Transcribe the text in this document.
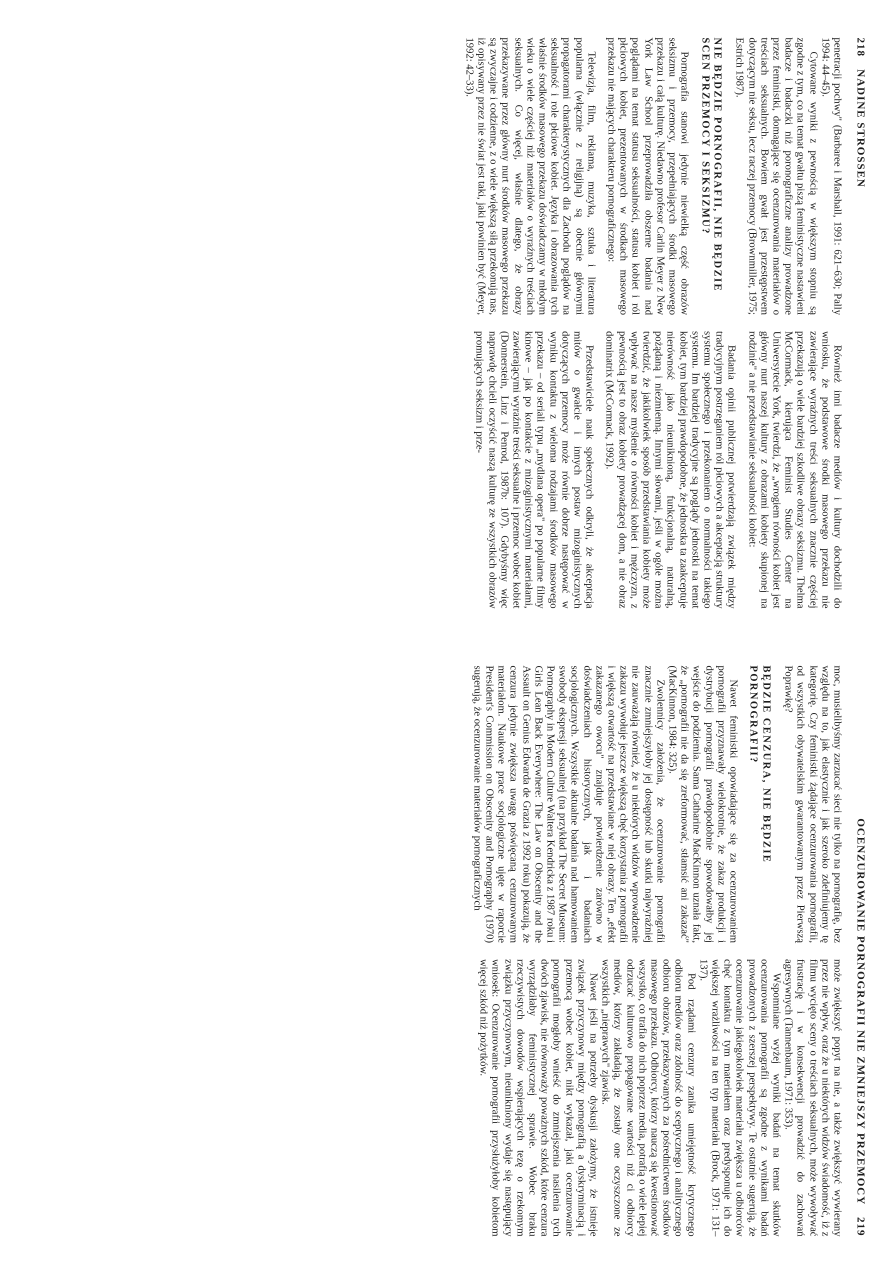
218 NADINE STROSSEN

penetracji pochwy" (Barbaree i Marshall, 1991: 621–630; Pally 1994: 44–45).

Cytowane wyniki z pewnością w większym stopniu są zgodne z tym, co na temat gwałtu piszą feministyczne nastawieni badacze i badaczki niż poronograficzne analizy prowadzone przez feministki, domagające się ocenzurowania materiałów o treściach seksualnych. Bowiem gwałt jest przestępstwem dotyczącym nie seksu, lecz raczej przemocy (Brownmiller, 1975; Estrich 1987).

NIE BĘDZIE PORNOGRAFII, NIE BĘDZIE SCEN PRZEMOCY I SEKSIZMU?

Pornografia stanowi jedynie niewielką część obrazów seksizmu i przemocy, przepełniających środki masowego przekazu i całą kulturę. Niedawno profesor Carlin Meyer z New York Law School przeprowadziła obszerne badania nad poglądami na temat statusu seksualności, statusu kobiet i ról płciowych kobiet, prezentowanych w środkach masowego przekazu nie mających charakteru pornograficznego:

Telewizja, film, reklama, muzyka, sztuka i literatura popularna (włącznie z religijną) są obecnie głównymi propagatorami charakterystycznych dla Zachodu poglądów na seksualność i role płciowe kobiet. Języka i obrazowania tych właśnie środków masowego przekazu doświadczamy w młodym wieku o wiele częściej niż materiałów o wyraźnych treściach seksualnych. Co więcej, właśnie dlatego, że obrazy przekazywane przez główny nurt środków masowego przekazu są zwyczajne i codzienne, z o wiele większą siłą przekonują nas, iż opisywany przez nie świat jest taki, jaki powinien być (Meyer, 1992: 42–33).

Również inni badacze mediów i kultury dochodzili do wniosku, że podstawowe środki masowego przekazu nie zawierające wyraźnych treści seksualnych znacznie częściej przekazują o wiele bardziej szkodliwe obrazy seksizmu. Thelma McCormack, kierująca Feminist Studies Center na Uniwersytecie York, twierdzi, że „wrogiem równości kobiet jest główny nurt naszej kultury z obrazami kobiety skupionej na rodzinie" a nie przedstawianie seksualności kobiet:

Badania opinii publicznej potwierdzają związek między tradycyjnym postrzeganiem ról płciowych a akceptacją struktury systemu społecznego i przekonaniem o normalności takiego systemu. Im bardziej tradycyjne są poglądy jednostki na temat kobiet, tym bardziej prawdopodobne, że jednostka ta zaakceptuje nierówność jako nieuniknioną, funkcjonalną, naturalną, pożądaną i niezmienną. Innymi słowami, jeśli w ogóle można twierdzić, że jakikolwiek sposób przedstawiania kobiety może wpływać na nasze myślenie o równości kobiet i mężczyzn, z pewnością jest to obraz kobiety prowadzącej dom, a nie obraz dominatrix (McCormack, 1992).

Przedstawiciele nauk społecznych odkryli, że akceptacja mitów o gwałcie i innych postaw mizoginistycznych dotyczących przemocy może równie dobrze następować w wyniku kontaktu z wieloma rodzajami środków masowego przekazu – od seriali typu „mydlana opera" po popularne filmy kinowe – jak po kontakcie z mizoginistycznymi materiałami, zawierającymi wyraźnie treści seksualne i przemoc wobec kobiet (Donnerstein, Linz i Penrod, 1987b: 107). Gdybyśmy więc naprawdę chcieli oczyścić naszą kulturę ze wszystkich obrazów promujących seksizm i prze-

OCENZUROWANIE PORNOGRAFII NIE ZMNIEJSZY PRZEMOCY 219

moc, musielibyśmy zarzucać sieci nie tylko na pornografię, bez względu na to, jak elastycznie i jak szeroko zdefiniujemy tę kategorię. Czy feministki żądające ocenzurowania pornografii, od wszystkich obywatelskim gwarantowanym przez Pierwszą Poprawkę?

BĘDZIE CENZURA, NIE BĘDZIE PORNOGRAFII?

Nawet feministki opowiadające się za ocenzurowaniem pornografii przyznawały wielokrotnie, że zakaz produkcji i dystrybucji pornografii prawdopodobnie spowodowałby jej wejście do podziemia. Sama Catharine MacKinnon uznała fakt, że „pornografii nie da się zreformować, stłamsić ani zakazać" (MacKinnon, 1984: 325).

Zwolennicy założenia, że ocenzurowanie pornografii znacznie zmniejszyłoby jej dostępność lub skutki najwyraźniej nie zauważają również, że u niektórych widzów wprowadzenie zakazu wywołuje jeszcze większą chęć korzystania z pornografii i większą otwartość na przedstawiane w niej obrazy. Ten „efekt zakazanego owocu" znajduje potwierdzenie zarówno w doświadczeniach historycznych, jak i badaniach socjologicznych. Wszystkie aktualne badania nad hamowaniem swobody ekspresji seksualnej (na przykład The Secret Museum: Pornography in Modern Culture Waltera Kendricka z 1987 roku i Girls Lean Back Everywhere: The Law on Obscenity and the Assault on Genius Edwarda de Grazia z 1992 roku) pokazują, że cenzura jedynie zwiększa uwagę poświęcaną cenzurowanym materiałom. Naukowe prace socjologiczne ujęte w raporcie President's Commission on Obscenity and Pornography (1970) sugerują, że ocenzurowanie materiałów pornograficznych

może zwiększyć popyt na nie, a także zwiększyć wywierany przez nie wpływ, oraz że u niektórych widzów świadomość, iż z filmu wycięto sceny o treściach seksualnych, może wywoływać frustrację i w konsekwencji prowadzić do zachowań agresywnych (Tannenbaum, 1971: 353).

Wspomniane wyżej wyniki badań na temat skutków ocenzurowania pornografii są zgodne z wynikami badań prowadzonych z szerszej perspektywy. Te ostatnie sugerują, że ocenzurowanie jakiegokolwiek materiału zwiększa u odbiorców chęć kontaktu z tym materiałem oraz predysponuje ich do większej wrażliwości na ten typ materiału (Brock, 1971: 131–137).

Pod rządami cenzury zanika umiejętność krytycznego odbioru mediów oraz zdolność do sceptycznego i analitycznego odbioru obrazów, przekazywanych za pośrednictwem środków masowego przekazu. Odbiorcy, którzy nauczą się kwestionować wszystko, co trafia do nich poprzez media, potrafią o wiele lepiej odrzucać kulturowo propagowane wartości niż ci odbiorcy mediów, którzy zakładają, że zostały one oczyszczone ze wszystkich „nieprawych" zjawisk.

Nawet jeśli na potrzeby dyskusji założymy, że istnieje związek przyczynowy między pornografią a dyskryminacją i przemocą wobec kobiet, nikt wykazał, jaki ocenzurowanie pornografii mogłoby wnieść do zmniejszenia nasilenia tych dwóch zjawisk, nie równoważy poważnych szkód, które cenzura wyrządziłaby feministycznej sprawie. Wobec braku rzeczywistych dowodów wspierających tezę o rzekomym związku przyczynowym, nieunikniony wydaje się następujący wniosek: Ocenzurowanie pornografii przysłużyłoby kobietom więcej szkód niż pożytków.
